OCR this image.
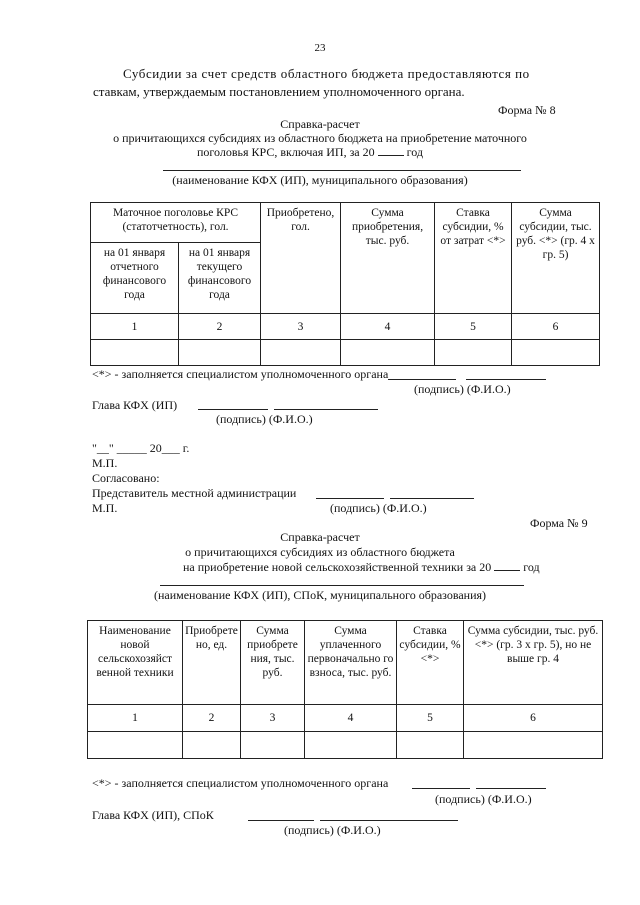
23
Субсидии за счет средств областного бюджета предоставляются по
ставкам, утверждаемым постановлением уполномоченного органа.
Форма № 8
Справка-расчет
о причитающихся субсидиях из областного бюджета на приобретение маточного
поголовья КРС, включая ИП, за 20	год
(наименование КФХ (ИП), муниципального образования)
Маточное поголовье КРС (статотчетность), гол.		Приобретено, гол.	Сумма приобретения, тыс. руб.	Ставка субсидии, % от затрат <*>	Сумма субсидии, тыс. руб. <*> (гр. 4 х гр. 5)
на 01 января отчетного финансового года	на 01 января текущего финансового года				
1	2	3	4	5	6

<*> - заполняется специалистом уполномоченного органа
(подпись) (Ф.И.О.)
Глава КФХ (ИП)
(подпись) (Ф.И.О.)
"__" _____ 20___ г.
М.П.
Согласовано:
Представитель местной администрации
М.П.	(подпись) (Ф.И.О.)
Форма № 9
Справка-расчет
о причитающихся субсидиях из областного бюджета
на приобретение новой сельскохозяйственной техники за 20	год
(наименование КФХ (ИП), СПоК, муниципального образования)
Наименование новой сельскохозяйст венной техники	Приобрете но, ед.	Сумма приобрете ния, тыс. руб.	Сумма уплаченного первоначально го взноса, тыс. руб.	Ставка субсидии, % <*>	Сумма субсидии, тыс. руб. <*> (гр. 3 х гр. 5), но не выше гр. 4
1	2	3	4	5	6

<*> - заполняется специалистом уполномоченного органа
(подпись) (Ф.И.О.)
Глава КФХ (ИП), СПоК
(подпись) (Ф.И.О.)
